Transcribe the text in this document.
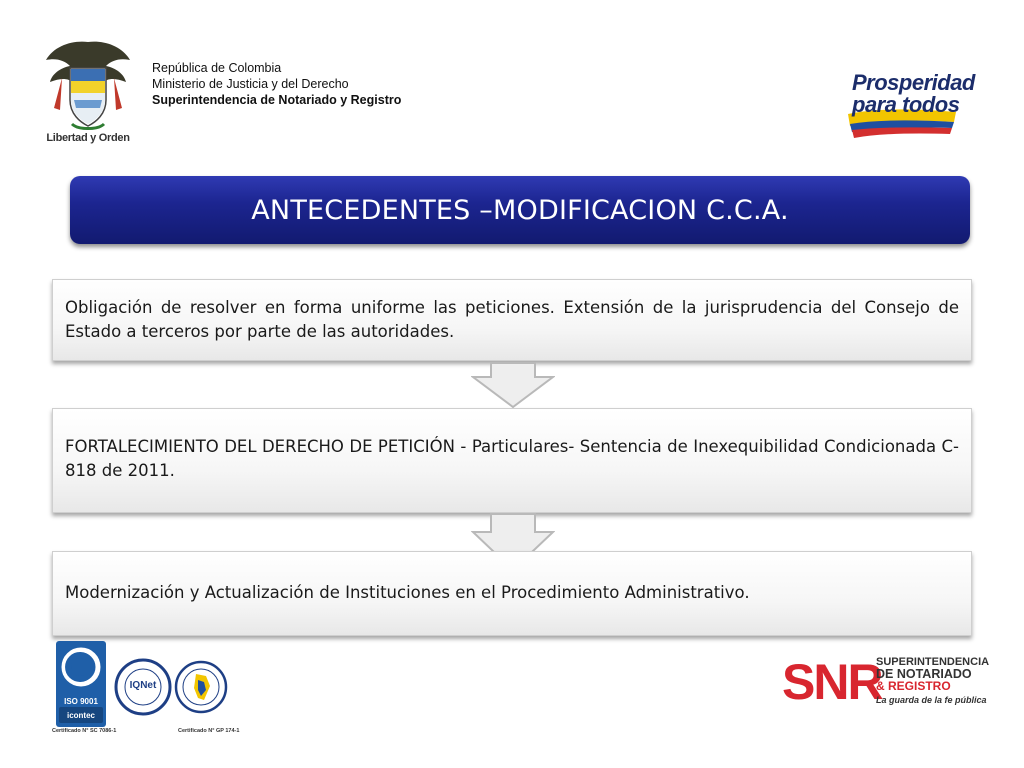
Libertad y Orden
República de Colombia
Ministerio de Justicia y del Derecho
Superintendencia de Notariado y Registro
Prosperidad
para todos
ANTECEDENTES –MODIFICACION C.C.A.
Obligación de resolver en forma uniforme las peticiones. Extensión de la jurisprudencia del Consejo de Estado a terceros por parte de las autoridades.
FORTALECIMIENTO DEL DERECHO DE PETICIÓN - Particulares- Sentencia de Inexequibilidad Condicionada C-818 de 2011.
Modernización y Actualización de Instituciones en el Procedimiento Administrativo.
ISO 9001
icontec
IQNet
Certificado N° SC 7086-1	Certificado N° GP 174-1
SNR
SUPERINTENDENCIA
DE NOTARIADO
& REGISTRO
La guarda de la fe pública
